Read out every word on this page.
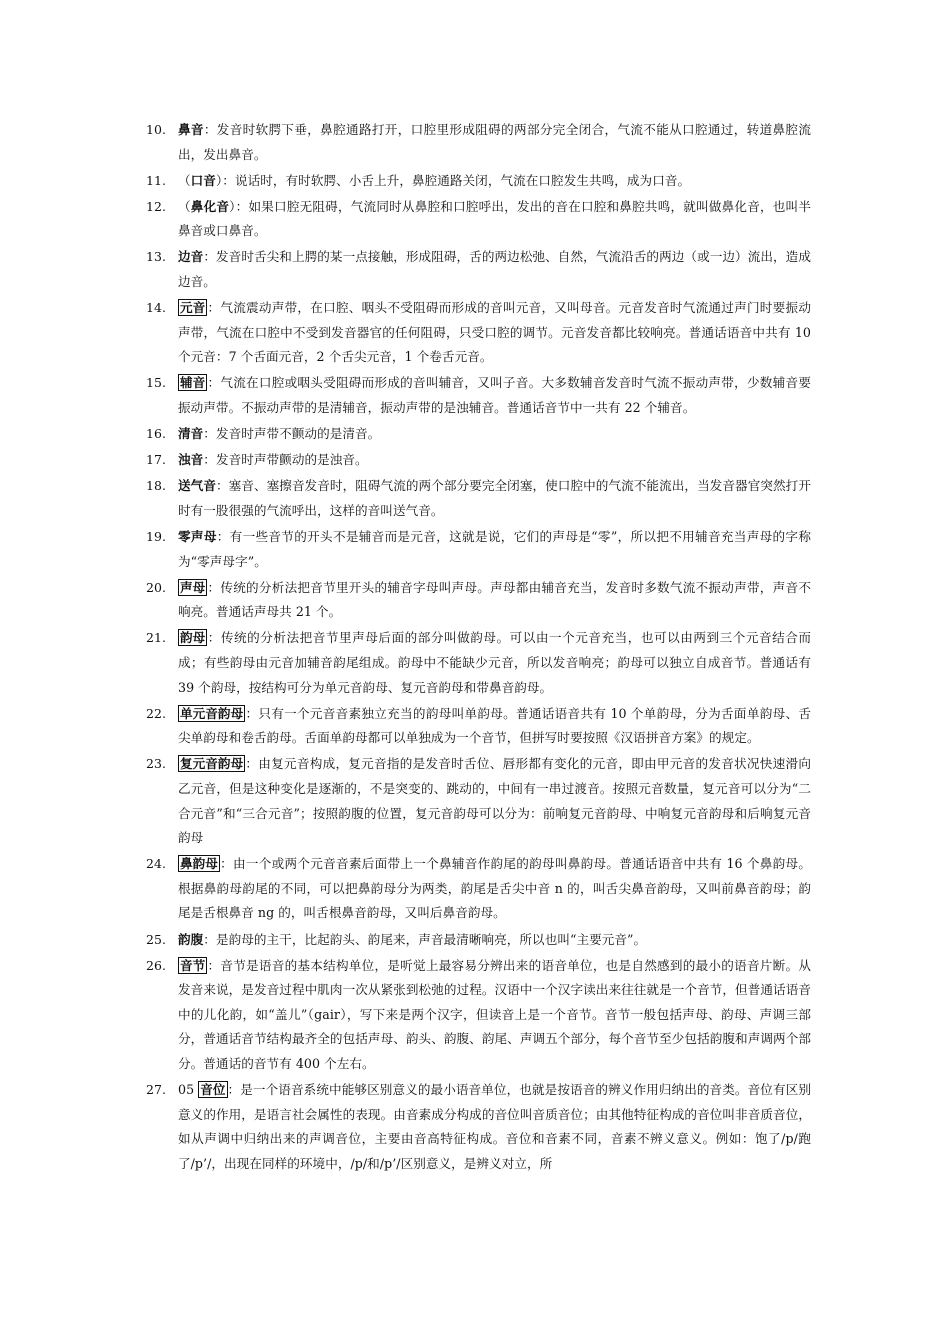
10. 鼻音：发音时软腭下垂，鼻腔通路打开，口腔里形成阻碍的两部分完全闭合，气流不能从口腔通过，转道鼻腔流出，发出鼻音。
11. （口音）：说话时，有时软腭、小舌上升，鼻腔通路关闭，气流在口腔发生共鸣，成为口音。
12. （鼻化音）：如果口腔无阻碍，气流同时从鼻腔和口腔呼出，发出的音在口腔和鼻腔共鸣，就叫做鼻化音，也叫半鼻音或口鼻音。
13. 边音：发音时舌尖和上腭的某一点接触，形成阻碍，舌的两边松弛、自然，气流沿舌的两边（或一边）流出，造成边音。
14. 元音 ：气流震动声带，在口腔、咽头不受阻碍而形成的音叫元音，又叫母音。元音发音时气流通过声门时要振动声带，气流在口腔中不受到发音器官的任何阻碍，只受口腔的调节。元音发音都比较响亮。普通话语音中共有 10 个元音：7 个舌面元音，2 个舌尖元音，1 个卷舌元音。
15. 辅音 ：气流在口腔或咽头受阻碍而形成的音叫辅音，又叫子音。大多数辅音发音时气流不振动声带，少数辅音要振动声带。不振动声带的是清辅音，振动声带的是浊辅音。普通话音节中一共有 22 个辅音。
16. 清音：发音时声带不颤动的是清音。
17. 浊音：发音时声带颤动的是浊音。
18. 送气音：塞音、塞擦音发音时，阻碍气流的两个部分要完全闭塞，使口腔中的气流不能流出，当发音器官突然打开时有一股很强的气流呼出，这样的音叫送气音。
19. 零声母：有一些音节的开头不是辅音而是元音，这就是说，它们的声母是“零”，所以把不用辅音充当声母的字称为“零声母字”。
20. 声母 ：传统的分析法把音节里开头的辅音字母叫声母。声母都由辅音充当，发音时多数气流不振动声带，声音不响亮。普通话声母共 21 个。
21. 韵母 ：传统的分析法把音节里声母后面的部分叫做韵母。可以由一个元音充当，也可以由两到三个元音结合而成；有些韵母由元音加辅音韵尾组成。韵母中不能缺少元音，所以发音响亮；韵母可以独立自成音节。普通话有 39 个韵母，按结构可分为单元音韵母、复元音韵母和带鼻音韵母。
22. 单元音韵母 ：只有一个元音音素独立充当的韵母叫单韵母。普通话语音共有 10 个单韵母，分为舌面单韵母、舌尖单韵母和卷舌韵母。舌面单韵母都可以单独成为一个音节，但拼写时要按照《汉语拼音方案》的规定。
23. 复元音韵母 ：由复元音构成，复元音指的是发音时舌位、唇形都有变化的元音，即由甲元音的发音状况快速滑向乙元音，但是这种变化是逐渐的，不是突变的、跳动的，中间有一串过渡音。按照元音数量，复元音可以分为“二合元音”和“三合元音”；按照韵腹的位置，复元音韵母可以分为：前响复元音韵母、中响复元音韵母和后响复元音韵母
24. 鼻韵母 ：由一个或两个元音音素后面带上一个鼻辅音作韵尾的韵母叫鼻韵母。普通话语音中共有 16 个鼻韵母。根据鼻韵母韵尾的不同，可以把鼻韵母分为两类，韵尾是舌尖中音 n 的，叫舌尖鼻音韵母，又叫前鼻音韵母；韵尾是舌根鼻音 ng 的，叫舌根鼻音韵母，又叫后鼻音韵母。
25. 韵腹：是韵母的主干，比起韵头、韵尾来，声音最清晰响亮，所以也叫“主要元音”。
26. 音节 ：音节是语音的基本结构单位，是听觉上最容易分辨出来的语音单位，也是自然感到的最小的语音片断。从发音来说，是发音过程中肌肉一次从紧张到松弛的过程。汉语中一个汉字读出来往往就是一个音节，但普通话语音中的儿化韵，如“盖儿”（gair），写下来是两个汉字，但读音上是一个音节。音节一般包括声母、韵母、声调三部分，普通话音节结构最齐全的包括声母、韵头、韵腹、韵尾、声调五个部分，每个音节至少包括韵腹和声调两个部分。普通话的音节有 400 个左右。
27. 05 音位 ：是一个语音系统中能够区别意义的最小语音单位，也就是按语音的辨义作用归纳出的音类。音位有区别意义的作用，是语言社会属性的表现。由音素成分构成的音位叫音质音位；由其他特征构成的音位叫非音质音位，如从声调中归纳出来的声调音位，主要由音高特征构成。音位和音素不同，音素不辨义意义。例如：饱了/p/跑了/p’/，出现在同样的环境中，/p/和/p’/区别意义，是辨义对立，所
